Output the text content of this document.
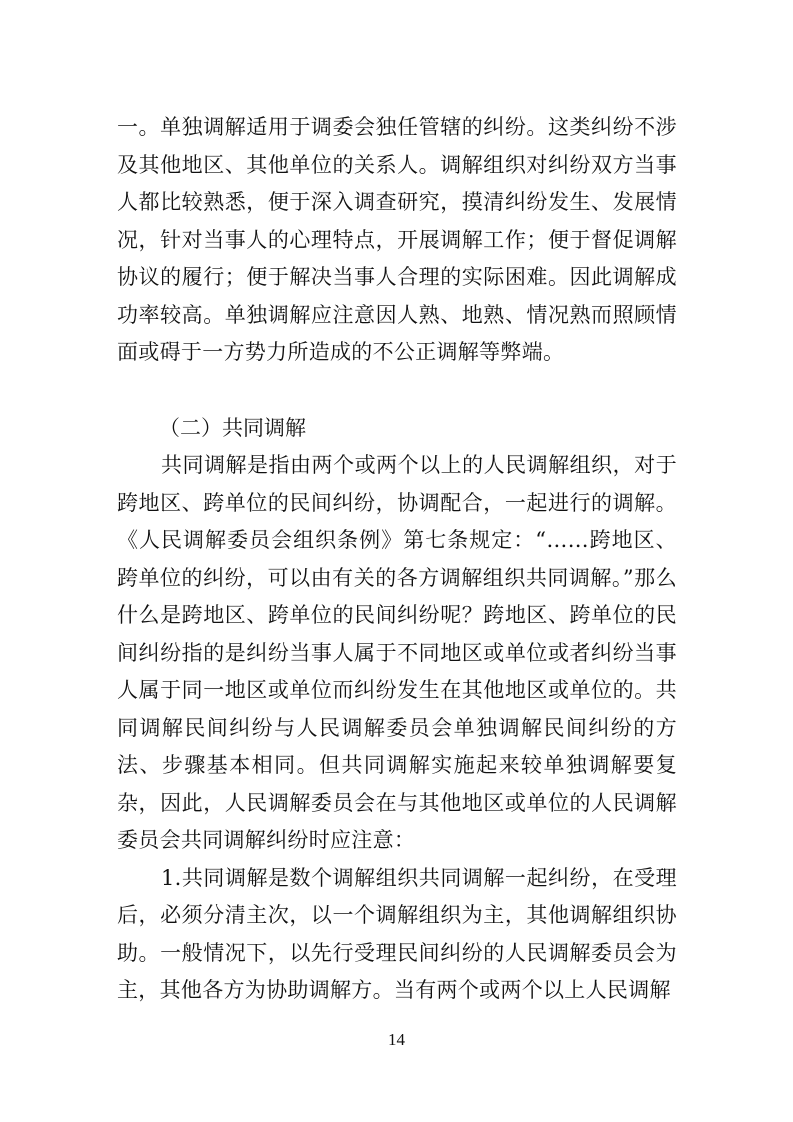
一。单独调解适用于调委会独任管辖的纠纷。这类纠纷不涉及其他地区、其他单位的关系人。调解组织对纠纷双方当事人都比较熟悉，便于深入调查研究，摸清纠纷发生、发展情况，针对当事人的心理特点，开展调解工作；便于督促调解协议的履行；便于解决当事人合理的实际困难。因此调解成功率较高。单独调解应注意因人熟、地熟、情况熟而照顾情面或碍于一方势力所造成的不公正调解等弊端。

（二）共同调解

共同调解是指由两个或两个以上的人民调解组织，对于跨地区、跨单位的民间纠纷，协调配合，一起进行的调解。《人民调解委员会组织条例》第七条规定：“……跨地区、跨单位的纠纷，可以由有关的各方调解组织共同调解。”那么什么是跨地区、跨单位的民间纠纷呢？跨地区、跨单位的民间纠纷指的是纠纷当事人属于不同地区或单位或者纠纷当事人属于同一地区或单位而纠纷发生在其他地区或单位的。共同调解民间纠纷与人民调解委员会单独调解民间纠纷的方法、步骤基本相同。但共同调解实施起来较单独调解要复杂，因此，人民调解委员会在与其他地区或单位的人民调解委员会共同调解纠纷时应注意：

1.共同调解是数个调解组织共同调解一起纠纷，在受理后，必须分清主次，以一个调解组织为主，其他调解组织协助。一般情况下，以先行受理民间纠纷的人民调解委员会为主，其他各方为协助调解方。当有两个或两个以上人民调解

14
